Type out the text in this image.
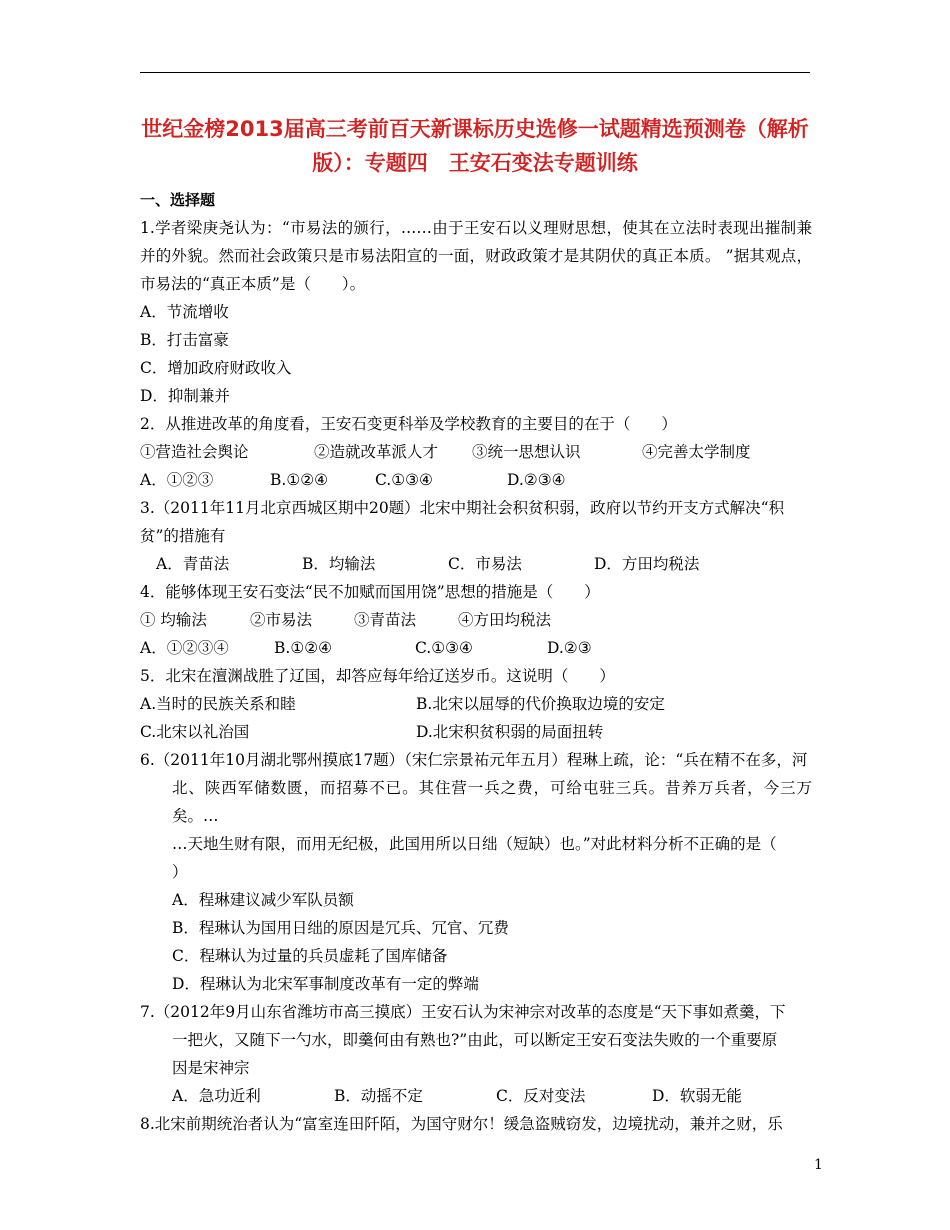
世纪金榜2013届高三考前百天新课标历史选修一试题精选预测卷（解析版）：专题四　王安石变法专题训练
一、选择题
1.学者梁庚尧认为：“市易法的颁行，……由于王安石以义理财思想，使其在立法时表现出摧制兼并的外貌。然而社会政策只是市易法阳宣的一面，财政政策才是其阴伏的真正本质。 ”据其观点，市易法的“真正本质”是（　　）。
A．节流增收
B．打击富豪
C．增加政府财政收入
D．抑制兼并
2．从推进改革的角度看，王安石变更科举及学校教育的主要目的在于（　　）
①营造社会舆论	②造就改革派人才	③统一思想认识	④完善太学制度
A．①②③	B.①②④	C.①③④	D.②③④
3.（2011年11月北京西城区期中20题）北宋中期社会积贫积弱，政府以节约开支方式解决“积
贫”的措施有
A．青苗法	B．均输法	C．市易法	D．方田均税法
4．能够体现王安石变法“民不加赋而国用饶”思想的措施是（　　）
① 均输法	②市易法	③青苗法	④方田均税法
A．①②③④	B.①②④	C.①③④	D.②③
5．北宋在澶渊战胜了辽国，却答应每年给辽送岁币。这说明（　　）
A.当时的民族关系和睦	B.北宋以屈辱的代价换取边境的安定
C.北宋以礼治国	D.北宋积贫积弱的局面扭转
6.（2011年10月湖北鄂州摸底17题）（宋仁宗景祐元年五月）程琳上疏，论：“兵在精不在多，河
北、陕西军储数匮，而招募不已。其住营一兵之费，可给屯驻三兵。昔养万兵者，今三万矣。…
…天地生财有限，而用无纪极，此国用所以日绌（短缺）也。”对此材料分析不正确的是（
）
A．程琳建议减少军队员额
B．程琳认为国用日绌的原因是冗兵、冗官、冗费
C．程琳认为过量的兵员虚耗了国库储备
D．程琳认为北宋军事制度改革有一定的弊端
7.（2012年9月山东省潍坊市高三摸底）王安石认为宋神宗对改革的态度是“天下事如煮羹，下
一把火，又随下一勺水，即羹何由有熟也?”由此，可以断定王安石变法失败的一个重要原
因是宋神宗
A．急功近利	B．动摇不定	C．反对变法	D．软弱无能
8.北宋前期统治者认为“富室连田阡陌，为国守财尔！缓急盗贼窃发，边境扰动，兼并之财，乐
1
